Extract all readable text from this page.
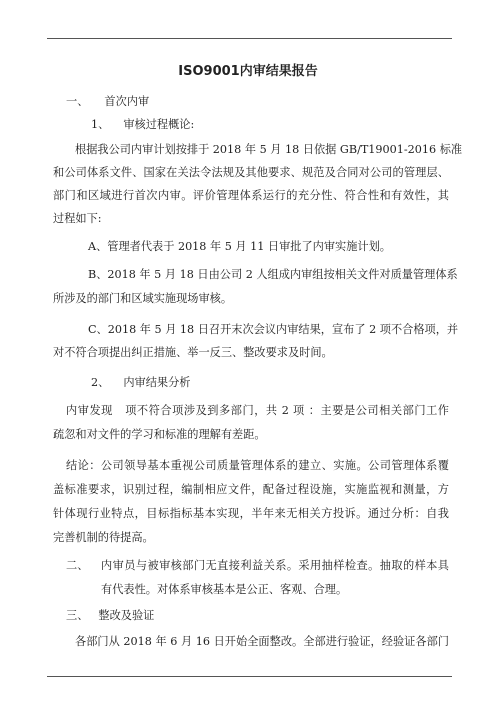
ISO9001内审结果报告
一、 首次内审
1、 审核过程概论:
根据我公司内审计划按排于 2018 年 5 月 18 日依据 GB/T19001-2016 标准
和公司体系文件、国家在关法令法规及其他要求、规范及合同对公司的管理层、
部门和区域进行首次内审。评价管理体系运行的充分性、符合性和有效性，其
过程如下:
A、管理者代表于 2018 年 5 月 11 日审批了内审实施计划。
B、2018 年 5 月 18 日由公司 2 人组成内审组按相关文件对质量管理体系
所涉及的部门和区域实施现场审核。
C、2018 年 5 月 18 日召开末次会议内审结果，宣布了 2 项不合格项，并
对不符合项提出纠正措施、举一反三、整改要求及时间。
2、 内审结果分析
内审发现   项不符合项涉及到多部门，共 2 项 ：主要是公司相关部门工作
疏忽和对文件的学习和标准的理解有差距。
结论：公司领导基本重视公司质量管理体系的建立、实施。公司管理体系覆
盖标准要求，识别过程，编制相应文件，配备过程设施，实施监视和测量，方
针体现行业特点，目标指标基本实现，半年来无相关方投诉。通过分析：自我
完善机制的待提高。
二、 内审员与被审核部门无直接利益关系。采用抽样检查。抽取的样本具
有代表性。对体系审核基本是公正、客观、合理。
三、 整改及验证
各部门从 2018 年 6 月 16 日开始全面整改。全部进行验证，经验证各部门
